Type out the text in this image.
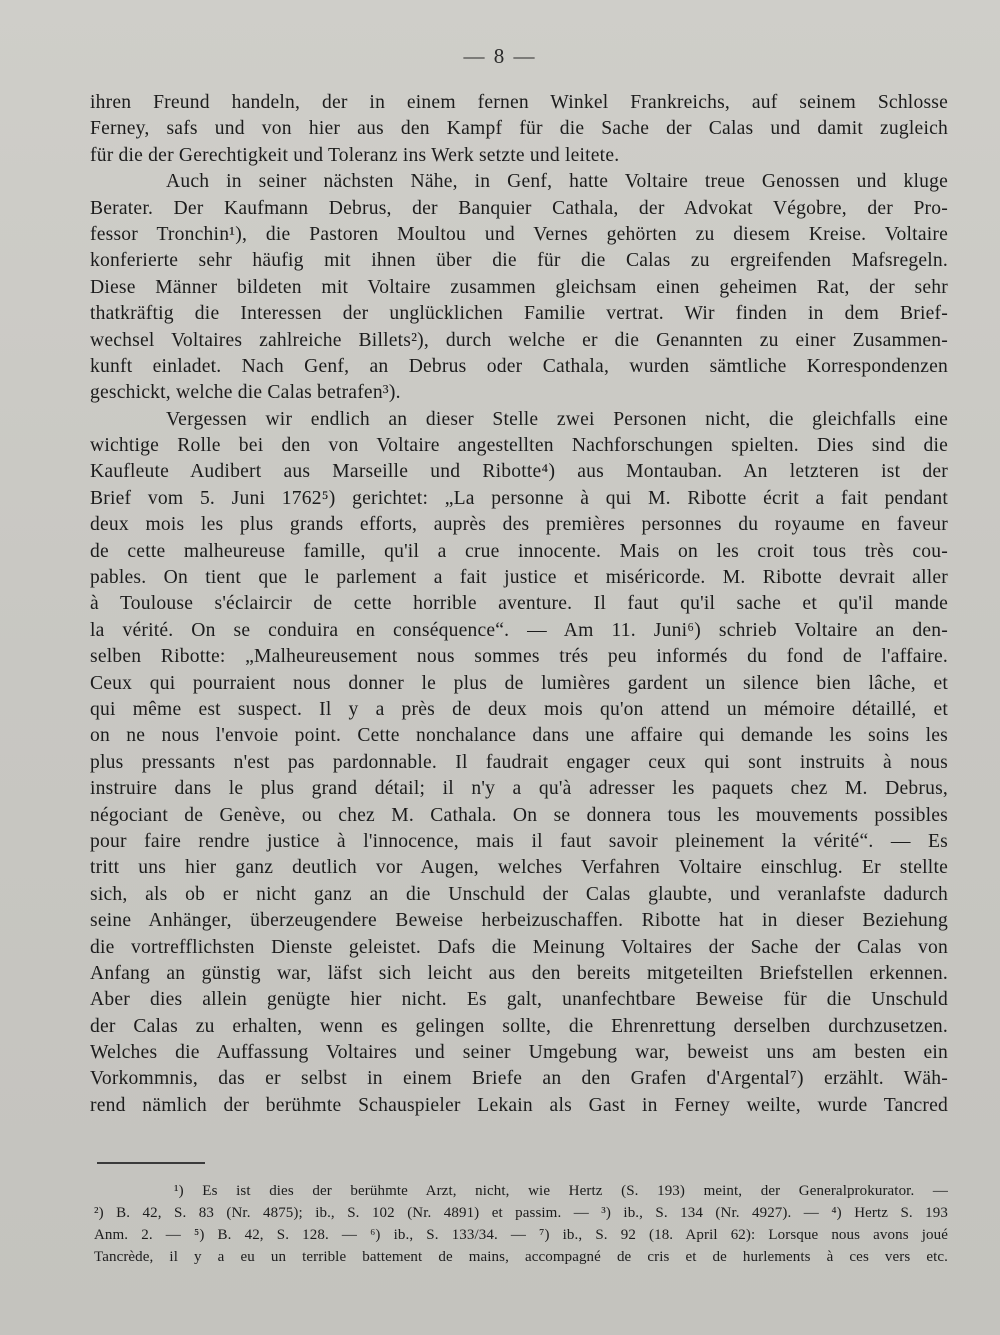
— 8 —
ihren Freund handeln, der in einem fernen Winkel Frankreichs, auf seinem Schlosse
Ferney, safs und von hier aus den Kampf für die Sache der Calas und damit zugleich
für die der Gerechtigkeit und Toleranz ins Werk setzte und leitete.
Auch in seiner nächsten Nähe, in Genf, hatte Voltaire treue Genossen und kluge
Berater. Der Kaufmann Debrus, der Banquier Cathala, der Advokat Végobre, der Pro-
fessor Tronchin¹), die Pastoren Moultou und Vernes gehörten zu diesem Kreise. Voltaire
konferierte sehr häufig mit ihnen über die für die Calas zu ergreifenden Mafsregeln.
Diese Männer bildeten mit Voltaire zusammen gleichsam einen geheimen Rat, der sehr
thatkräftig die Interessen der unglücklichen Familie vertrat. Wir finden in dem Brief-
wechsel Voltaires zahlreiche Billets²), durch welche er die Genannten zu einer Zusammen-
kunft einladet. Nach Genf, an Debrus oder Cathala, wurden sämtliche Korrespondenzen
geschickt, welche die Calas betrafen³).
Vergessen wir endlich an dieser Stelle zwei Personen nicht, die gleichfalls eine
wichtige Rolle bei den von Voltaire angestellten Nachforschungen spielten. Dies sind die
Kaufleute Audibert aus Marseille und Ribotte⁴) aus Montauban. An letzteren ist der
Brief vom 5. Juni 1762⁵) gerichtet: „La personne à qui M. Ribotte écrit a fait pendant
deux mois les plus grands efforts, auprès des premières personnes du royaume en faveur
de cette malheureuse famille, qu'il a crue innocente. Mais on les croit tous très cou-
pables. On tient que le parlement a fait justice et miséricorde. M. Ribotte devrait aller
à Toulouse s'éclaircir de cette horrible aventure. Il faut qu'il sache et qu'il mande
la vérité. On se conduira en conséquence“. — Am 11. Juni⁶) schrieb Voltaire an den-
selben Ribotte: „Malheureusement nous sommes trés peu informés du fond de l'affaire.
Ceux qui pourraient nous donner le plus de lumières gardent un silence bien lâche, et
qui même est suspect. Il y a près de deux mois qu'on attend un mémoire détaillé, et
on ne nous l'envoie point. Cette nonchalance dans une affaire qui demande les soins les
plus pressants n'est pas pardonnable. Il faudrait engager ceux qui sont instruits à nous
instruire dans le plus grand détail; il n'y a qu'à adresser les paquets chez M. Debrus,
négociant de Genève, ou chez M. Cathala. On se donnera tous les mouvements possibles
pour faire rendre justice à l'innocence, mais il faut savoir pleinement la vérité“. — Es
tritt uns hier ganz deutlich vor Augen, welches Verfahren Voltaire einschlug. Er stellte
sich, als ob er nicht ganz an die Unschuld der Calas glaubte, und veranlafste dadurch
seine Anhänger, überzeugendere Beweise herbeizuschaffen. Ribotte hat in dieser Beziehung
die vortrefflichsten Dienste geleistet. Dafs die Meinung Voltaires der Sache der Calas von
Anfang an günstig war, läfst sich leicht aus den bereits mitgeteilten Briefstellen erkennen.
Aber dies allein genügte hier nicht. Es galt, unanfechtbare Beweise für die Unschuld
der Calas zu erhalten, wenn es gelingen sollte, die Ehrenrettung derselben durchzusetzen.
Welches die Auffassung Voltaires und seiner Umgebung war, beweist uns am besten ein
Vorkommnis, das er selbst in einem Briefe an den Grafen d'Argental⁷) erzählt. Wäh-
rend nämlich der berühmte Schauspieler Lekain als Gast in Ferney weilte, wurde Tancred
¹) Es ist dies der berühmte Arzt, nicht, wie Hertz (S. 193) meint, der Generalprokurator. —
²) B. 42, S. 83 (Nr. 4875); ib., S. 102 (Nr. 4891) et passim. — ³) ib., S. 134 (Nr. 4927). — ⁴) Hertz S. 193
Anm. 2. — ⁵) B. 42, S. 128. — ⁶) ib., S. 133/34. — ⁷) ib., S. 92 (18. April 62): Lorsque nous avons joué
Tancrède, il y a eu un terrible battement de mains, accompagné de cris et de hurlements à ces vers etc.
